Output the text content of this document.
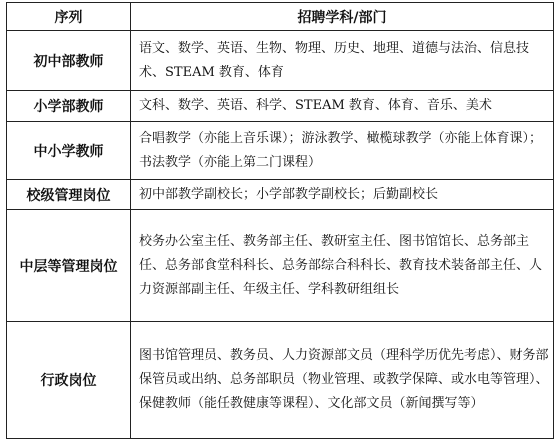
序列	招聘学科/部门
初中部教师	语文、数学、英语、生物、物理、历史、地理、道德与法治、信息技术、STEAM 教育、体育
小学部教师	文科、数学、英语、科学、STEAM 教育、体育、音乐、美术
中小学教师	合唱教学（亦能上音乐课）；游泳教学、橄榄球教学（亦能上体育课）；书法教学（亦能上第二门课程）
校级管理岗位	初中部教学副校长；小学部教学副校长；后勤副校长
中层等管理岗位	校务办公室主任、教务部主任、教研室主任、图书馆馆长、总务部主任、总务部食堂科科长、总务部综合科科长、教育技术装备部主任、人力资源部副主任、年级主任、学科教研组组长
行政岗位	图书馆管理员、教务员、人力资源部文员（理科学历优先考虑）、财务部保管员或出纳、总务部职员（物业管理、或教学保障、或水电等管理）、保健教师（能任教健康等课程）、文化部文员（新闻撰写等）
